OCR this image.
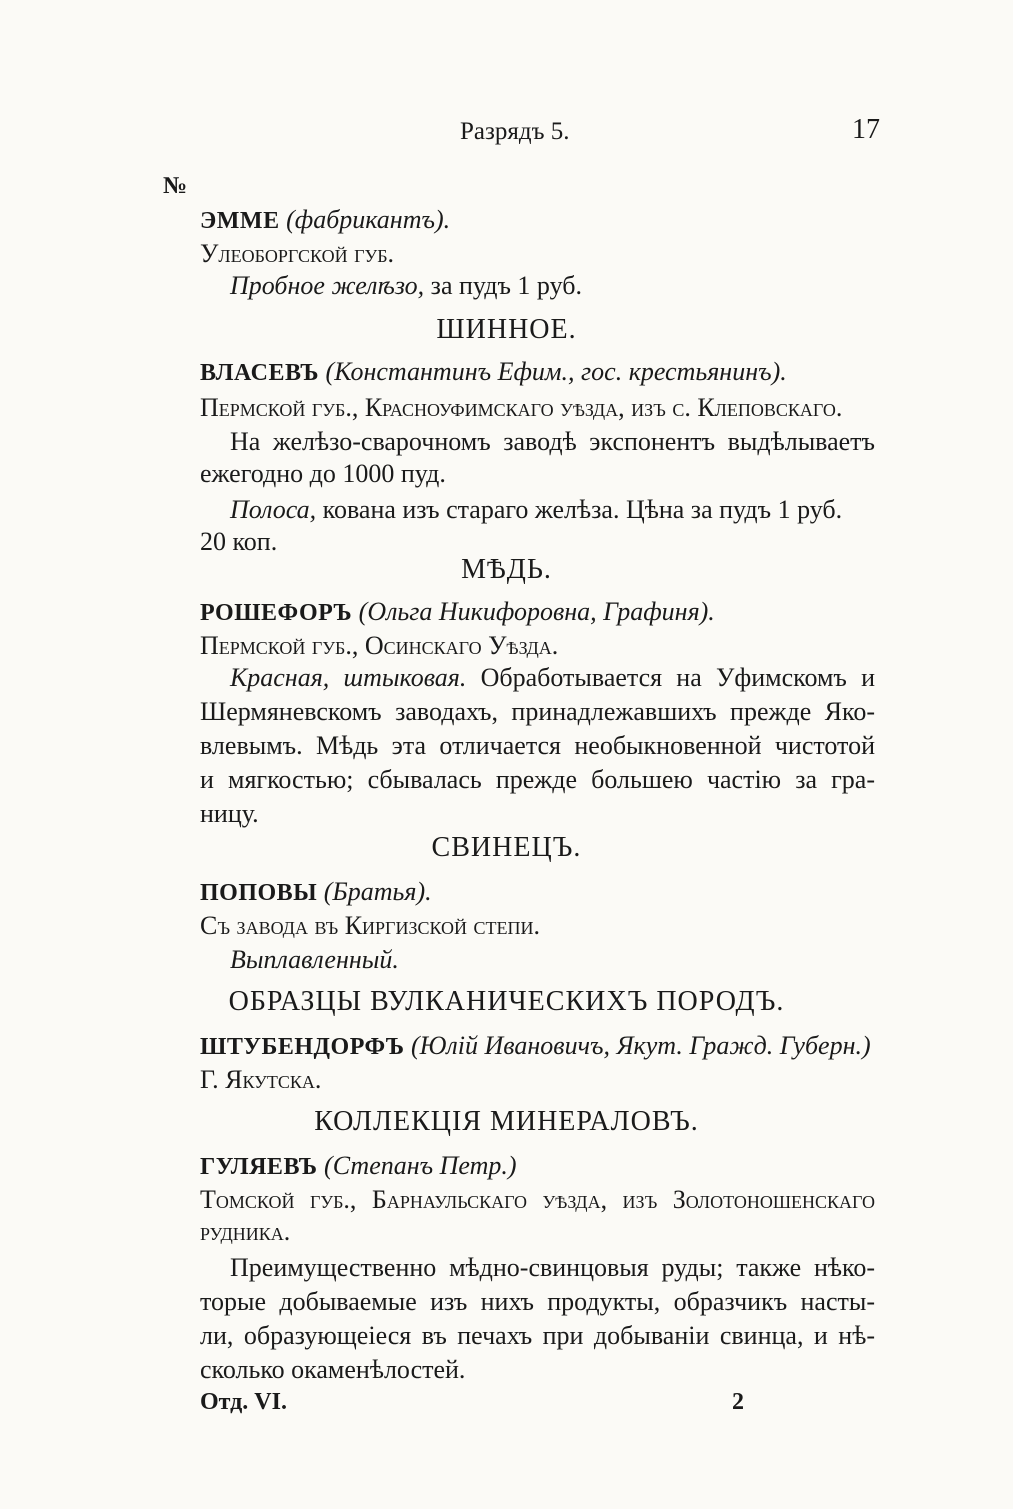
Разрядъ 5.	17
№
ЭММЕ (фабрикантъ).
Улеоборгской губ.
Пробное желѣзо, за пудъ 1 руб.
ШИННОЕ.
ВЛАСЕВЪ (Константинъ Ефим., гос. крестьянинъ).
Пермской губ., Красноуфимскаго уѣзда, изъ с. Клеповскаго.
На желѣзо-сварочномъ заводѣ экспонентъ выдѣлываетъ
ежегодно до 1000 пуд.
Полоса, кована изъ стараго желѣза. Цѣна за пудъ 1 руб.
20 коп.
МѢДЬ.
РОШЕФОРЪ (Ольга Никифоровна, Графиня).
Пермской губ., Осинскаго Уѣзда.
Красная, штыковая. Обработывается на Уфимскомъ и
Шермяневскомъ заводахъ, принадлежавшихъ прежде Яко-
влевымъ. Мѣдь эта отличается необыкновенной чистотой
и мягкостью; сбывалась прежде большею частію за гра-
ницу.
СВИНЕЦЪ.
ПОПОВЫ (Братья).
Съ завода въ Киргизской степи.
Выплавленный.
ОБРАЗЦЫ ВУЛКАНИЧЕСКИХЪ ПОРОДЪ.
ШТУБЕНДОРФЪ (Юлій Ивановичъ, Якут. Гражд. Губерн.)
Г. Якутска.
КОЛЛЕКЦІЯ МИНЕРАЛОВЪ.
ГУЛЯЕВЪ (Степанъ Петр.)
Томской губ., Барнаульскаго уѣзда, изъ Золотоношенскаго
рудника.
Преимущественно мѣдно-свинцовыя руды; также нѣко-
торые добываемые изъ нихъ продукты, образчикъ насты-
ли, образующеіеся въ печахъ при добываніи свинца, и нѣ-
сколько окаменѣлостей.
Отд. VI.	2
